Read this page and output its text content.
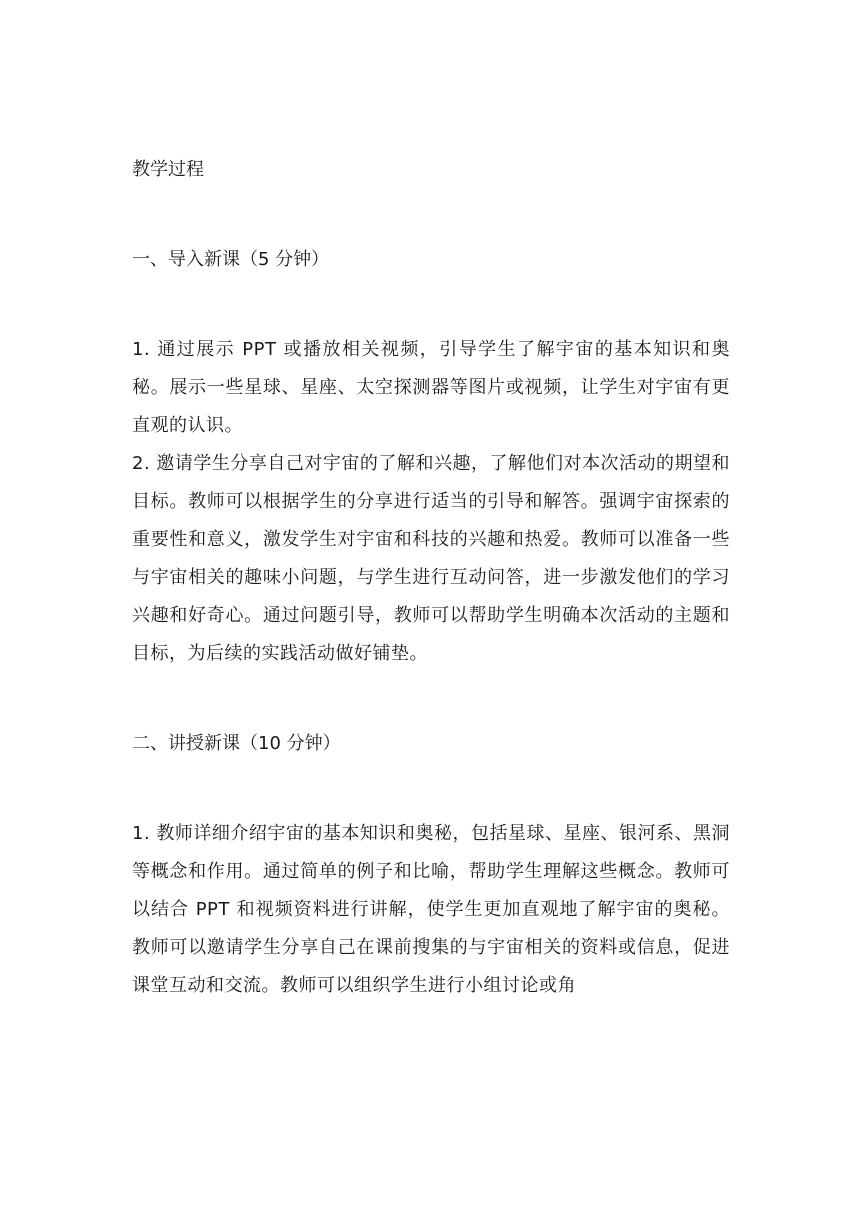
教学过程
一、导入新课（5 分钟）

1. 通过展示 PPT 或播放相关视频，引导学生了解宇宙的基本知识和奥秘。展示一些星球、星座、太空探测器等图片或视频，让学生对宇宙有更直观的认识。

2. 邀请学生分享自己对宇宙的了解和兴趣，了解他们对本次活动的期望和目标。教师可以根据学生的分享进行适当的引导和解答。强调宇宙探索的重要性和意义，激发学生对宇宙和科技的兴趣和热爱。教师可以准备一些与宇宙相关的趣味小问题，与学生进行互动问答，进一步激发他们的学习兴趣和好奇心。通过问题引导，教师可以帮助学生明确本次活动的主题和目标，为后续的实践活动做好铺垫。

二、讲授新课（10 分钟）

1. 教师详细介绍宇宙的基本知识和奥秘，包括星球、星座、银河系、黑洞等概念和作用。通过简单的例子和比喻，帮助学生理解这些概念。教师可以结合 PPT 和视频资料进行讲解，使学生更加直观地了解宇宙的奥秘。教师可以邀请学生分享自己在课前搜集的与宇宙相关的资料或信息，促进课堂互动和交流。教师可以组织学生进行小组讨论或角
